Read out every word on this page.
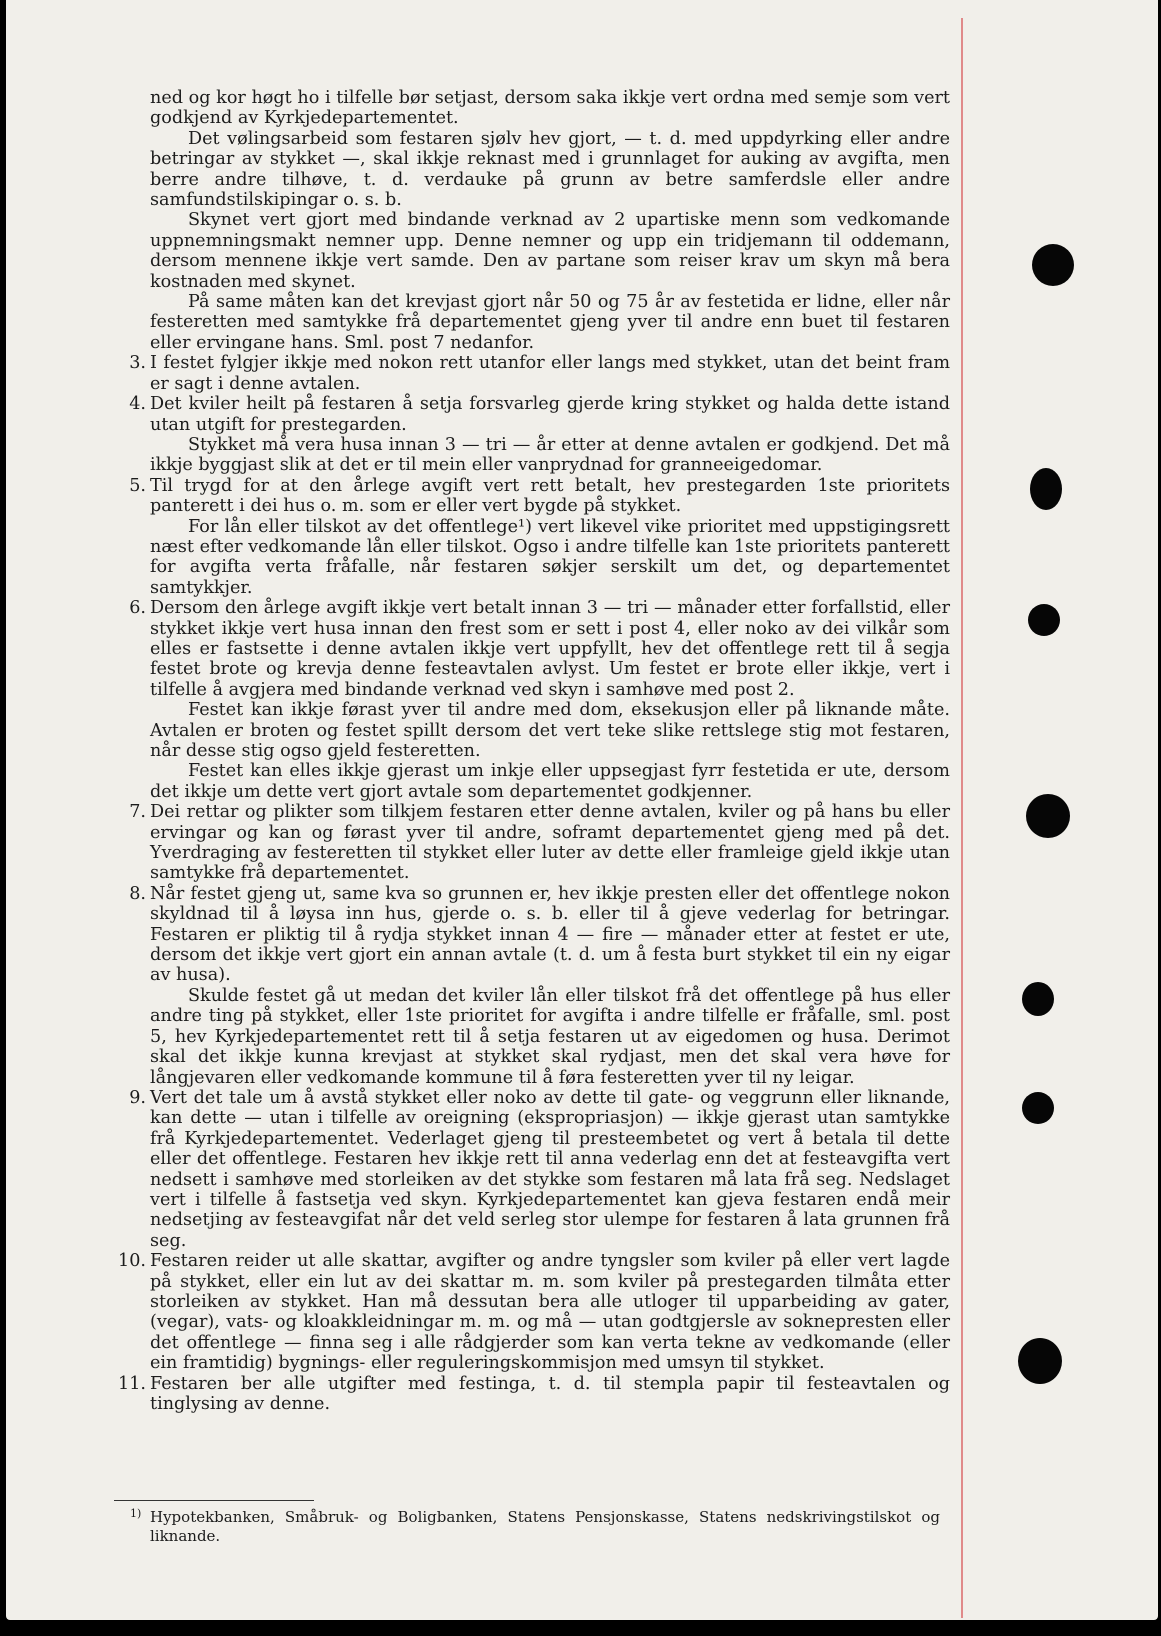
ned og kor høgt ho i tilfelle bør setjast, dersom saka ikkje vert ordna med semje som vert godkjend av Kyrkjedepartementet.
Det vølingsarbeid som festaren sjølv hev gjort, — t. d. med uppdyrking eller andre betringar av stykket —, skal ikkje reknast med i grunnlaget for auking av avgifta, men berre andre tilhøve, t. d. verdauke på grunn av betre samferdsle eller andre samfundstilskipingar o. s. b.
Skynet vert gjort med bindande verknad av 2 upartiske menn som vedkomande uppnemningsmakt nemner upp. Denne nemner og upp ein tridjemann til oddemann, dersom mennene ikkje vert samde. Den av partane som reiser krav um skyn må bera kostnaden med skynet.
På same måten kan det krevjast gjort når 50 og 75 år av festetida er lidne, eller når festeretten med samtykke frå departementet gjeng yver til andre enn buet til festaren eller ervingane hans. Sml. post 7 nedanfor.
3. I festet fylgjer ikkje med nokon rett utanfor eller langs med stykket, utan det beint fram er sagt i denne avtalen.
4. Det kviler heilt på festaren å setja forsvarleg gjerde kring stykket og halda dette istand utan utgift for prestegarden.
Stykket må vera husa innan 3 — tri — år etter at denne avtalen er godkjend. Det må ikkje byggjast slik at det er til mein eller vanprydnad for granneeigedomar.
5. Til trygd for at den årlege avgift vert rett betalt, hev prestegarden 1ste prioritets panterett i dei hus o. m. som er eller vert bygde på stykket.
For lån eller tilskot av det offentlege¹) vert likevel vike prioritet med uppstigingsrett næst efter vedkomande lån eller tilskot. Ogso i andre tilfelle kan 1ste prioritets panterett for avgifta verta fråfalle, når festaren søkjer serskilt um det, og departementet samtykkjer.
6. Dersom den årlege avgift ikkje vert betalt innan 3 — tri — månader etter forfallstid, eller stykket ikkje vert husa innan den frest som er sett i post 4, eller noko av dei vilkår som elles er fastsette i denne avtalen ikkje vert uppfyllt, hev det offentlege rett til å segja festet brote og krevja denne festeavtalen avlyst. Um festet er brote eller ikkje, vert i tilfelle å avgjera med bindande verknad ved skyn i samhøve med post 2.
Festet kan ikkje førast yver til andre med dom, eksekusjon eller på liknande måte. Avtalen er broten og festet spillt dersom det vert teke slike rettslege stig mot festaren, når desse stig ogso gjeld festeretten.
Festet kan elles ikkje gjerast um inkje eller uppsegjast fyrr festetida er ute, dersom det ikkje um dette vert gjort avtale som departementet godkjenner.
7. Dei rettar og plikter som tilkjem festaren etter denne avtalen, kviler og på hans bu eller ervingar og kan og førast yver til andre, soframt departementet gjeng med på det. Yverdraging av festeretten til stykket eller luter av dette eller framleige gjeld ikkje utan samtykke frå departementet.
8. Når festet gjeng ut, same kva so grunnen er, hev ikkje presten eller det offentlege nokon skyldnad til å løysa inn hus, gjerde o. s. b. eller til å gjeve vederlag for betringar. Festaren er pliktig til å rydja stykket innan 4 — fire — månader etter at festet er ute, dersom det ikkje vert gjort ein annan avtale (t. d. um å festa burt stykket til ein ny eigar av husa).
Skulde festet gå ut medan det kviler lån eller tilskot frå det offentlege på hus eller andre ting på stykket, eller 1ste prioritet for avgifta i andre tilfelle er fråfalle, sml. post 5, hev Kyrkjedepartementet rett til å setja festaren ut av eigedomen og husa. Derimot skal det ikkje kunna krevjast at stykket skal rydjast, men det skal vera høve for långjevaren eller vedkomande kommune til å føra festeretten yver til ny leigar.
9. Vert det tale um å avstå stykket eller noko av dette til gate- og veggrunn eller liknande, kan dette — utan i tilfelle av oreigning (ekspropriasjon) — ikkje gjerast utan samtykke frå Kyrkjedepartementet. Vederlaget gjeng til presteembetet og vert å betala til dette eller det offentlege. Festaren hev ikkje rett til anna vederlag enn det at festeavgifta vert nedsett i samhøve med storleiken av det stykke som festaren må lata frå seg. Nedslaget vert i tilfelle å fastsetja ved skyn. Kyrkjedepartementet kan gjeva festaren endå meir nedsetjing av festeavgifat når det veld serleg stor ulempe for festaren å lata grunnen frå seg.
10. Festaren reider ut alle skattar, avgifter og andre tyngsler som kviler på eller vert lagde på stykket, eller ein lut av dei skattar m. m. som kviler på prestegarden tilmåta etter storleiken av stykket. Han må dessutan bera alle utloger til upparbeiding av gater, (vegar), vats- og kloakkleidningar m. m. og må — utan godtgjersle av soknepresten eller det offentlege — finna seg i alle rådgjerder som kan verta tekne av vedkomande (eller ein framtidig) bygnings- eller reguleringskommisjon med umsyn til stykket.
11. Festaren ber alle utgifter med festinga, t. d. til stempla papir til festeavtalen og tinglysing av denne.
1) Hypotekbanken, Småbruk- og Boligbanken, Statens Pensjonskasse, Statens nedskrivingstilskot og liknande.
